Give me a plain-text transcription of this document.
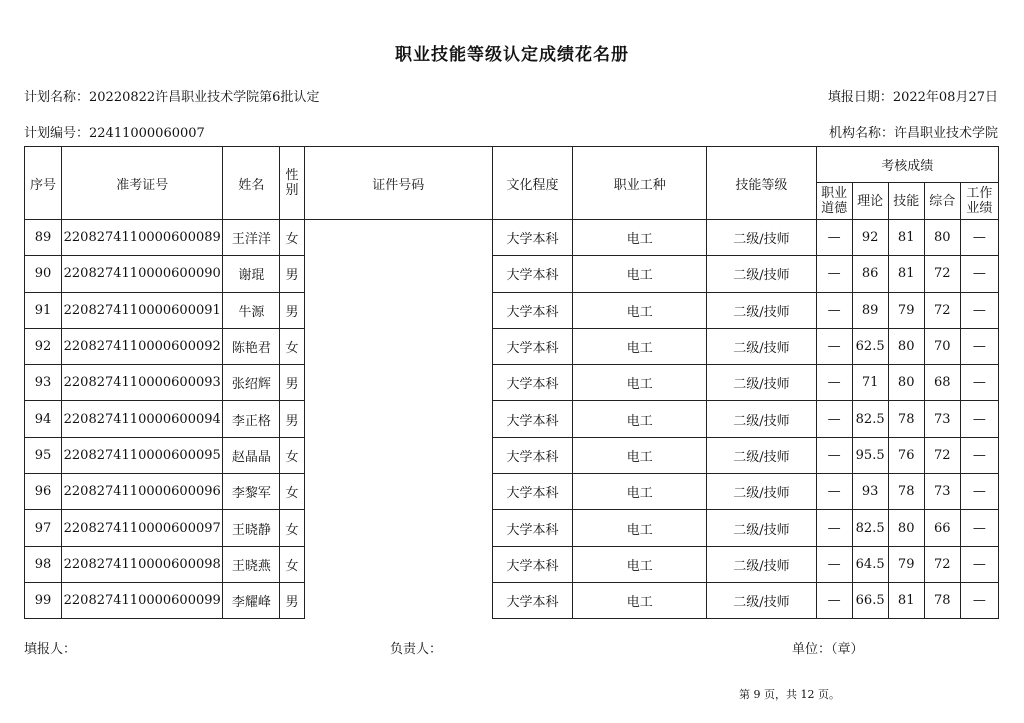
职业技能等级认定成绩花名册
计划名称：20220822许昌职业技术学院第6批认定	填报日期：2022年08月27日
计划编号：22411000060007	机构名称：许昌职业技术学院
序号	准考证号	姓名	性别	证件号码	文化程度	职业工种	技能等级	考核成绩				
								职业道德	理论	技能	综合	工作业绩
89	2208274110000600089	王洋洋	女		大学本科	电工	二级/技师	—	92	81	80	—
90	2208274110000600090	谢琨	男		大学本科	电工	二级/技师	—	86	81	72	—
91	2208274110000600091	牛源	男		大学本科	电工	二级/技师	—	89	79	72	—
92	2208274110000600092	陈艳君	女		大学本科	电工	二级/技师	—	62.5	80	70	—
93	2208274110000600093	张绍辉	男		大学本科	电工	二级/技师	—	71	80	68	—
94	2208274110000600094	李正格	男		大学本科	电工	二级/技师	—	82.5	78	73	—
95	2208274110000600095	赵晶晶	女		大学本科	电工	二级/技师	—	95.5	76	72	—
96	2208274110000600096	李黎军	女		大学本科	电工	二级/技师	—	93	78	73	—
97	2208274110000600097	王晓静	女		大学本科	电工	二级/技师	—	82.5	80	66	—
98	2208274110000600098	王晓燕	女		大学本科	电工	二级/技师	—	64.5	79	72	—
99	2208274110000600099	李耀峰	男		大学本科	电工	二级/技师	—	66.5	81	78	—
填报人：	负责人：	单位：（章）
第 9 页，共 12 页。
